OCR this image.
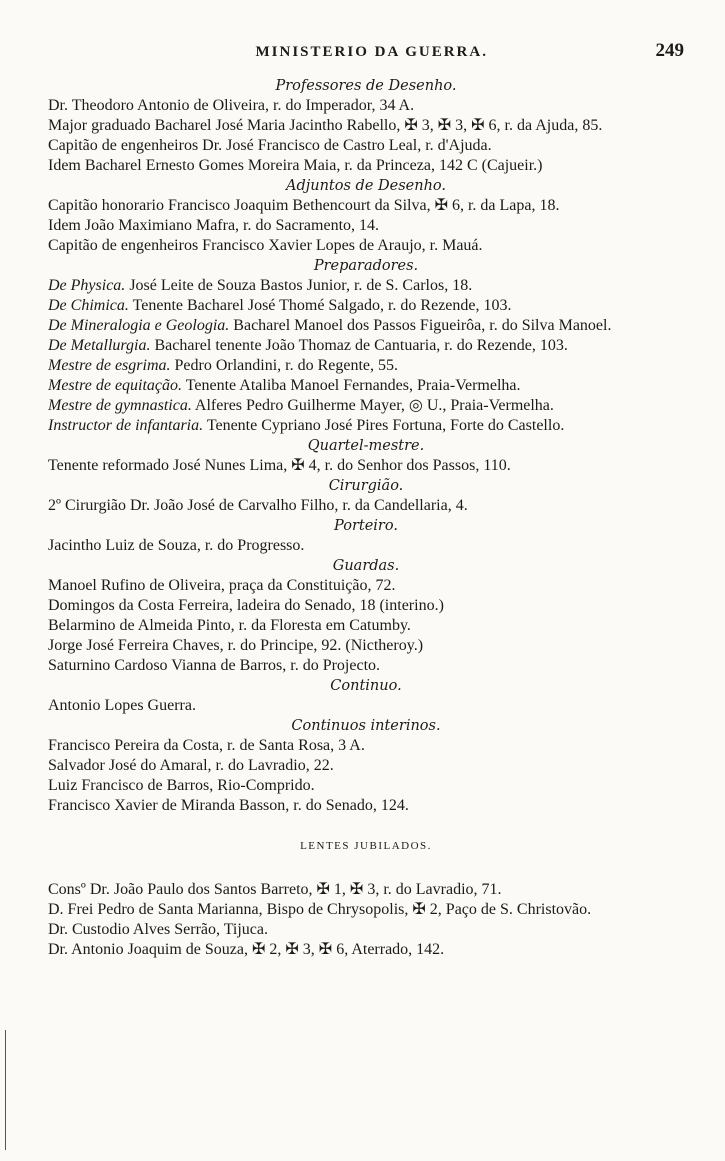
MINISTERIO DA GUERRA.	249
Professores de Desenho.
Dr. Theodoro Antonio de Oliveira, r. do Imperador, 34 A.
Major graduado Bacharel José Maria Jacintho Rabello, ✠ 3, ✠ 3, ✠ 6, r. da Ajuda, 85.
Capitão de engenheiros Dr. José Francisco de Castro Leal, r. d'Ajuda.
Idem Bacharel Ernesto Gomes Moreira Maia, r. da Princeza, 142 C (Cajueir.)
Adjuntos de Desenho.
Capitão honorario Francisco Joaquim Bethencourt da Silva, ✠ 6, r. da Lapa, 18.
Idem João Maximiano Mafra, r. do Sacramento, 14.
Capitão de engenheiros Francisco Xavier Lopes de Araujo, r. Mauá.
Preparadores.
De Physica. José Leite de Souza Bastos Junior, r. de S. Carlos, 18.
De Chimica. Tenente Bacharel José Thomé Salgado, r. do Rezende, 103.
De Mineralogia e Geologia. Bacharel Manoel dos Passos Figueirôa, r. do Silva Manoel.
De Metallurgia. Bacharel tenente João Thomaz de Cantuaria, r. do Rezende, 103.
Mestre de esgrima. Pedro Orlandini, r. do Regente, 55.
Mestre de equitação. Tenente Ataliba Manoel Fernandes, Praia-Vermelha.
Mestre de gymnastica. Alferes Pedro Guilherme Mayer, ◎ U., Praia-Vermelha.
Instructor de infantaria. Tenente Cypriano José Pires Fortuna, Forte do Castello.
Quartel-mestre.
Tenente reformado José Nunes Lima, ✠ 4, r. do Senhor dos Passos, 110.
Cirurgião.
2º Cirurgião Dr. João José de Carvalho Filho, r. da Candellaria, 4.
Porteiro.
Jacintho Luiz de Souza, r. do Progresso.
Guardas.
Manoel Rufino de Oliveira, praça da Constituição, 72.
Domingos da Costa Ferreira, ladeira do Senado, 18 (interino.)
Belarmino de Almeida Pinto, r. da Floresta em Catumby.
Jorge José Ferreira Chaves, r. do Principe, 92. (Nictheroy.)
Saturnino Cardoso Vianna de Barros, r. do Projecto.
Continuo.
Antonio Lopes Guerra.
Continuos interinos.
Francisco Pereira da Costa, r. de Santa Rosa, 3 A.
Salvador José do Amaral, r. do Lavradio, 22.
Luiz Francisco de Barros, Rio-Comprido.
Francisco Xavier de Miranda Basson, r. do Senado, 124.
LENTES JUBILADOS.
Consº Dr. João Paulo dos Santos Barreto, ✠ 1, ✠ 3, r. do Lavradio, 71.
D. Frei Pedro de Santa Marianna, Bispo de Chrysopolis, ✠ 2, Paço de S. Christovão.
Dr. Custodio Alves Serrão, Tijuca.
Dr. Antonio Joaquim de Souza, ✠ 2, ✠ 3, ✠ 6, Aterrado, 142.
